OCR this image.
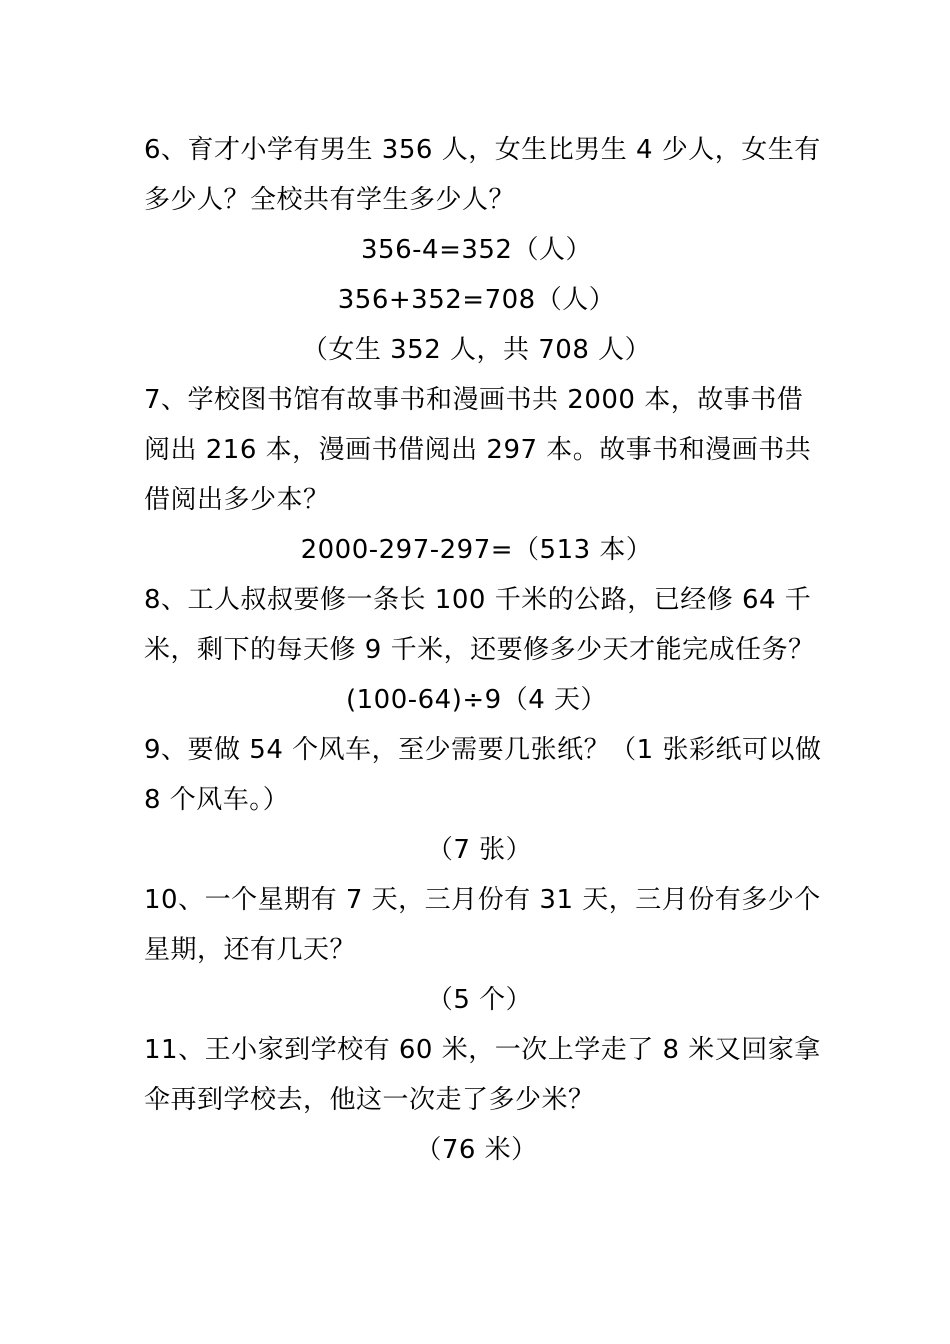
6、育才小学有男生 356 人，女生比男生 4 少人，女生有
多少人？全校共有学生多少人？
356-4=352（人）
356+352=708（人）
（女生 352 人，共 708 人）
7、学校图书馆有故事书和漫画书共 2000 本，故事书借
阅出 216 本，漫画书借阅出 297 本。故事书和漫画书共
借阅出多少本？
2000-297-297=（513 本）
8、工人叔叔要修一条长 100 千米的公路，已经修 64 千
米，剩下的每天修 9 千米，还要修多少天才能完成任务？
(100-64)÷9（4 天）
9、要做 54 个风车，至少需要几张纸？（1 张彩纸可以做
8 个风车。）
（7 张）
10、一个星期有 7 天，三月份有 31 天，三月份有多少个
星期，还有几天？
（5 个）
11、王小家到学校有 60 米，一次上学走了 8 米又回家拿
伞再到学校去，他这一次走了多少米？
（76 米）
